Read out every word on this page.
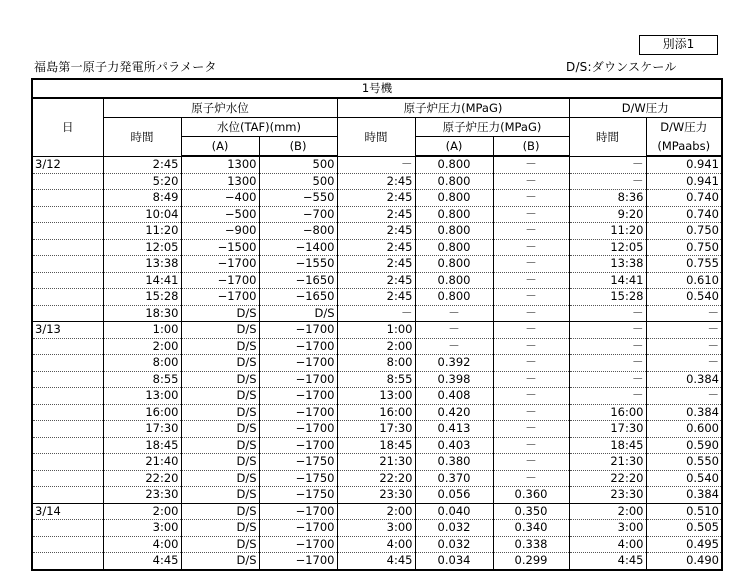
別添1
福島第一原子力発電所パラメータ	D/S:ダウンスケール
1号機								
日	原子炉水位			原子炉圧力(MPaG)			D/W圧力	
	時間	水位(TAF)(mm)		時間	原子炉圧力(MPaG)		時間	D/W圧力
		(A)	(B)		(A)	(B)		(MPaabs)
3/12	2:45	1300	500	－	0.800	－	－	0.941
	5:20	1300	500	2:45	0.800	－	－	0.941
	8:49	−400	−550	2:45	0.800	－	8:36	0.740
	10:04	−500	−700	2:45	0.800	－	9:20	0.740
	11:20	−900	−800	2:45	0.800	－	11:20	0.750
	12:05	−1500	−1400	2:45	0.800	－	12:05	0.750
	13:38	−1700	−1550	2:45	0.800	－	13:38	0.755
	14:41	−1700	−1650	2:45	0.800	－	14:41	0.610
	15:28	−1700	−1650	2:45	0.800	－	15:28	0.540
	18:30	D/S	D/S	－	－	－	－	－
3/13	1:00	D/S	−1700	1:00	－	－	－	－
	2:00	D/S	−1700	2:00	－	－	－	－
	8:00	D/S	−1700	8:00	0.392	－	－	－
	8:55	D/S	−1700	8:55	0.398	－	－	0.384
	13:00	D/S	−1700	13:00	0.408	－	－	－
	16:00	D/S	−1700	16:00	0.420	－	16:00	0.384
	17:30	D/S	−1700	17:30	0.413	－	17:30	0.600
	18:45	D/S	−1700	18:45	0.403	－	18:45	0.590
	21:40	D/S	−1750	21:30	0.380	－	21:30	0.550
	22:20	D/S	−1750	22:20	0.370	－	22:20	0.540
	23:30	D/S	−1750	23:30	0.056	0.360	23:30	0.384
3/14	2:00	D/S	−1700	2:00	0.040	0.350	2:00	0.510
	3:00	D/S	−1700	3:00	0.032	0.340	3:00	0.505
	4:00	D/S	−1700	4:00	0.032	0.338	4:00	0.495
	4:45	D/S	−1700	4:45	0.034	0.299	4:45	0.490
